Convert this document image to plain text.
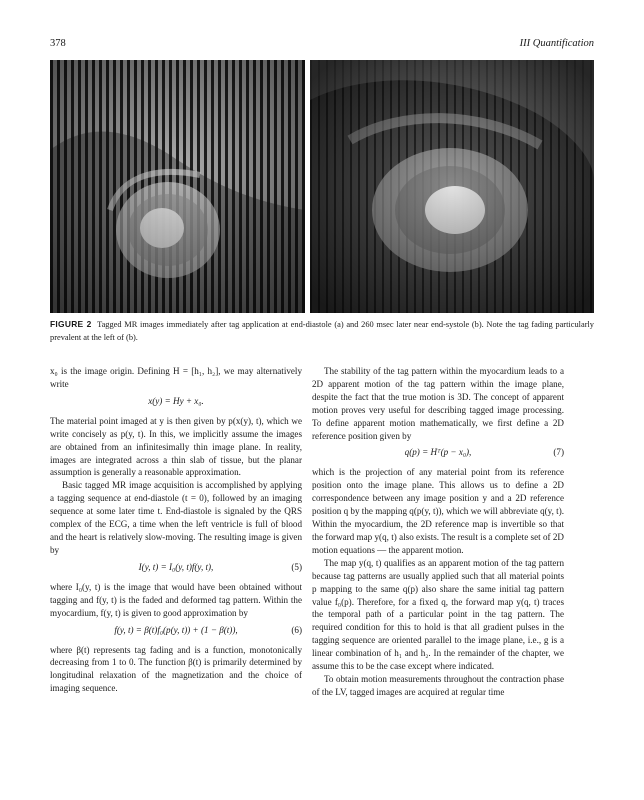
378	III Quantification
FIGURE 2 Tagged MR images immediately after tag application at end-diastole (a) and 260 msec later near end-systole (b). Note the tag fading particularly prevalent at the left of (b).

x₀ is the image origin. Defining H = [h₁, h₂], we may alternatively write

x(y) = Hy + x₀.

The material point imaged at y is then given by p(x(y), t), which we write concisely as p(y, t). In this, we implicitly assume the images are obtained from an infinitesimally thin image plane. In reality, images are integrated across a thin slab of tissue, but the planar assumption is generally a reasonable approximation.

Basic tagged MR image acquisition is accomplished by applying a tagging sequence at end-diastole (t = 0), followed by an imaging sequence at some later time t. End-diastole is signaled by the QRS complex of the ECG, a time when the left ventricle is full of blood and the heart is relatively slow-moving. The resulting image is given by

I(y, t) = I₀(y, t)f(y, t),	(5)

where I₀(y, t) is the image that would have been obtained without tagging and f(y, t) is the faded and deformed tag pattern. Within the myocardium, f(y, t) is given to good approximation by

f(y, t) = β(t)f₀(p(y, t)) + (1 − β(t)),	(6)

where β(t) represents tag fading and is a function, monotonically decreasing from 1 to 0. The function β(t) is primarily determined by longitudinal relaxation of the magnetization and the choice of imaging sequence.

The stability of the tag pattern within the myocardium leads to a 2D apparent motion of the tag pattern within the image plane, despite the fact that the true motion is 3D. The concept of apparent motion proves very useful for describing tagged image processing. To define apparent motion mathematically, we first define a 2D reference position given by

q(p) = Hᵀ(p − x₀),	(7)

which is the projection of any material point from its reference position onto the image plane. This allows us to define a 2D correspondence between any image position y and a 2D reference position q by the mapping q(p(y, t)), which we will abbreviate q(y, t). Within the myocardium, the 2D reference map is invertible so that the forward map y(q, t) also exists. The result is a complete set of 2D motion equations — the apparent motion.

The map y(q, t) qualifies as an apparent motion of the tag pattern because tag patterns are usually applied such that all material points p mapping to the same q(p) also share the same initial tag pattern value f₀(p). Therefore, for a fixed q, the forward map y(q, t) traces the temporal path of a particular point in the tag pattern. The required condition for this to hold is that all gradient pulses in the tagging sequence are oriented parallel to the image plane, i.e., g is a linear combination of h₁ and h₂. In the remainder of the chapter, we assume this to be the case except where indicated.

To obtain motion measurements throughout the contraction phase of the LV, tagged images are acquired at regular time
